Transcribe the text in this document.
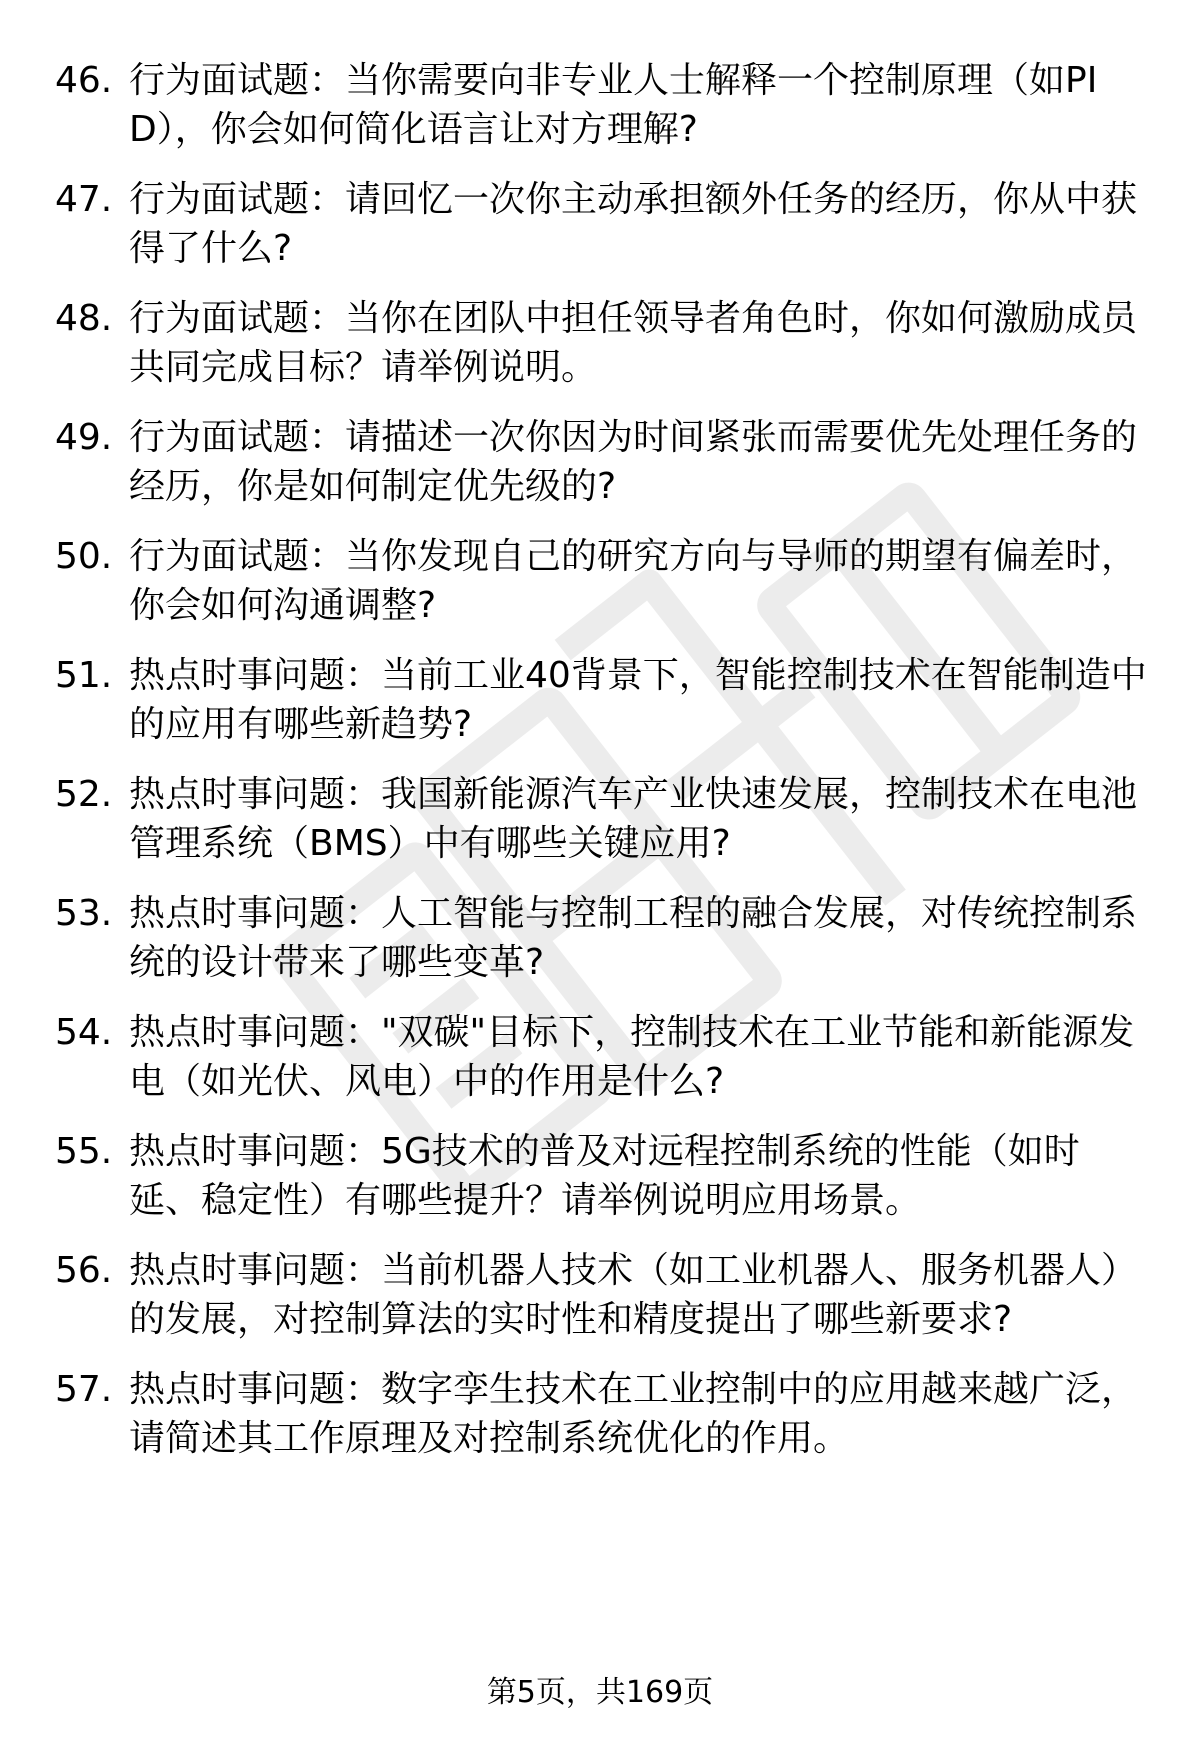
46. 行为面试题：当你需要向非专业人士解释一个控制原理（如PID），你会如何简化语言让对方理解?
47. 行为面试题：请回忆一次你主动承担额外任务的经历，你从中获得了什么?
48. 行为面试题：当你在团队中担任领导者角色时，你如何激励成员共同完成目标？请举例说明。
49. 行为面试题：请描述一次你因为时间紧张而需要优先处理任务的经历，你是如何制定优先级的?
50. 行为面试题：当你发现自己的研究方向与导师的期望有偏差时，你会如何沟通调整?
51. 热点时事问题：当前工业40背景下，智能控制技术在智能制造中的应用有哪些新趋势?
52. 热点时事问题：我国新能源汽车产业快速发展，控制技术在电池管理系统（BMS）中有哪些关键应用?
53. 热点时事问题：人工智能与控制工程的融合发展，对传统控制系统的设计带来了哪些变革?
54. 热点时事问题："双碳"目标下，控制技术在工业节能和新能源发电（如光伏、风电）中的作用是什么?
55. 热点时事问题：5G技术的普及对远程控制系统的性能（如时延、稳定性）有哪些提升？请举例说明应用场景。
56. 热点时事问题：当前机器人技术（如工业机器人、服务机器人）的发展，对控制算法的实时性和精度提出了哪些新要求?
57. 热点时事问题：数字孪生技术在工业控制中的应用越来越广泛，请简述其工作原理及对控制系统优化的作用。
第5页，共169页
